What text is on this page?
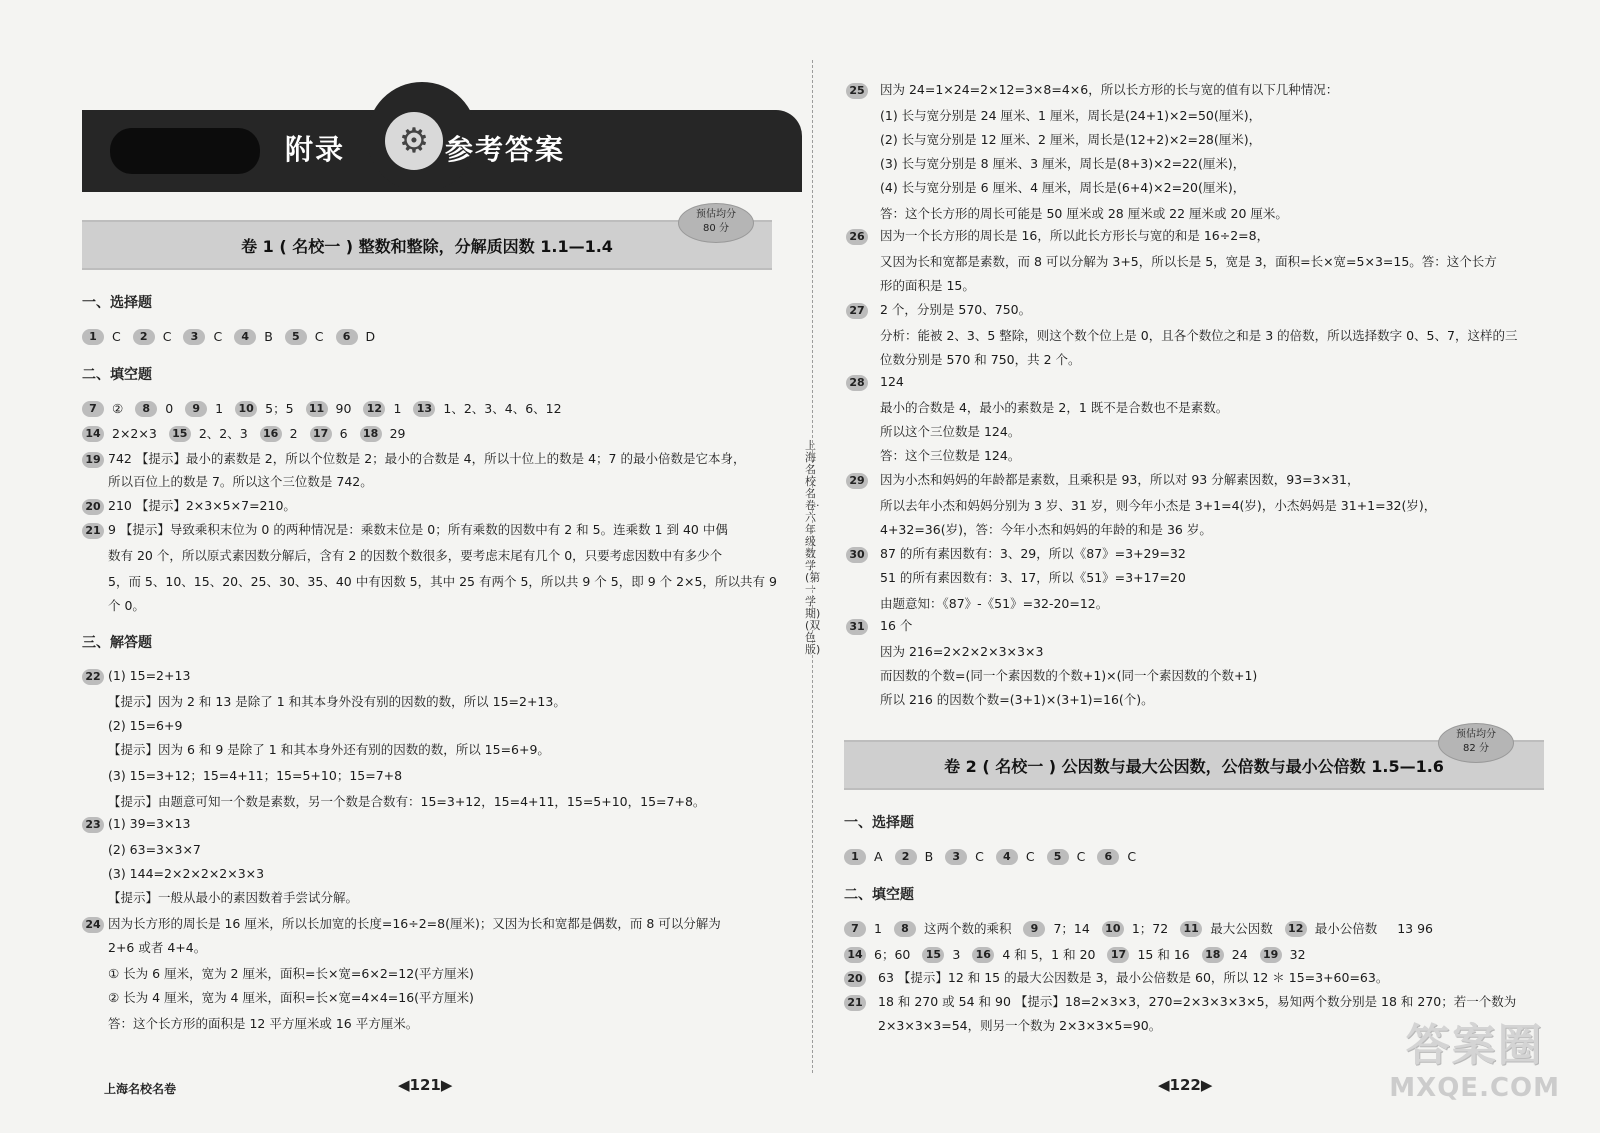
⚙
附录	参考答案
卷 1 ( 名校一 ) 整数和整除，分解质因数 1.1—1.4
预估均分
80 分
一、选择题
1 C 2 C 3 C 4 B 5 C 6 D
二、填空题
7 ② 8 0 9 1 10 5；5 11 90 12 1 13 1、2、3、4、6、12
14 2×2×3 15 2、2、3 16 2 17 6 18 29
19 742 【提示】最小的素数是 2，所以个位数是 2；最小的合数是 4，所以十位上的数是 4；7 的最小倍数是它本身，
所以百位上的数是 7。所以这个三位数是 742。
20 210 【提示】2×3×5×7=210。
21 9 【提示】导致乘积末位为 0 的两种情况是：乘数末位是 0；所有乘数的因数中有 2 和 5。连乘数 1 到 40 中偶
数有 20 个，所以原式素因数分解后，含有 2 的因数个数很多，要考虑末尾有几个 0，只要考虑因数中有多少个
5，而 5、10、15、20、25、30、35、40 中有因数 5，其中 25 有两个 5，所以共 9 个 5，即 9 个 2×5，所以共有 9
个 0。
三、解答题
22 (1) 15=2+13
【提示】因为 2 和 13 是除了 1 和其本身外没有别的因数的数，所以 15=2+13。
(2) 15=6+9
【提示】因为 6 和 9 是除了 1 和其本身外还有别的因数的数，所以 15=6+9。
(3) 15=3+12；15=4+11；15=5+10；15=7+8
【提示】由题意可知一个数是素数，另一个数是合数有：15=3+12，15=4+11，15=5+10，15=7+8。
23 (1) 39=3×13
(2) 63=3×3×7
(3) 144=2×2×2×2×3×3
【提示】一般从最小的素因数着手尝试分解。
24 因为长方形的周长是 16 厘米，所以长加宽的长度=16÷2=8(厘米)；又因为长和宽都是偶数，而 8 可以分解为
2+6 或者 4+4。
① 长为 6 厘米，宽为 2 厘米，面积=长×宽=6×2=12(平方厘米)
② 长为 4 厘米，宽为 4 厘米，面积=长×宽=4×4=16(平方厘米)
答：这个长方形的面积是 12 平方厘米或 16 平方厘米。
上海名校名卷	◀121▶
上海名校名卷·六年级数学(第一学期)(双色版)
25 因为 24=1×24=2×12=3×8=4×6，所以长方形的长与宽的值有以下几种情况：
(1) 长与宽分别是 24 厘米、1 厘米，周长是(24+1)×2=50(厘米)，
(2) 长与宽分别是 12 厘米、2 厘米，周长是(12+2)×2=28(厘米)，
(3) 长与宽分别是 8 厘米、3 厘米，周长是(8+3)×2=22(厘米)，
(4) 长与宽分别是 6 厘米、4 厘米，周长是(6+4)×2=20(厘米)，
答：这个长方形的周长可能是 50 厘米或 28 厘米或 22 厘米或 20 厘米。
26 因为一个长方形的周长是 16，所以此长方形长与宽的和是 16÷2=8，
又因为长和宽都是素数，而 8 可以分解为 3+5，所以长是 5，宽是 3，面积=长×宽=5×3=15。答：这个长方
形的面积是 15。
27 2 个，分别是 570、750。
分析：能被 2、3、5 整除，则这个数个位上是 0，且各个数位之和是 3 的倍数，所以选择数字 0、5、7，这样的三
位数分别是 570 和 750，共 2 个。
28 124
最小的合数是 4，最小的素数是 2，1 既不是合数也不是素数。
所以这个三位数是 124。
答：这个三位数是 124。
29 因为小杰和妈妈的年龄都是素数，且乘积是 93，所以对 93 分解素因数，93=3×31，
所以去年小杰和妈妈分别为 3 岁、31 岁，则今年小杰是 3+1=4(岁)，小杰妈妈是 31+1=32(岁)，
4+32=36(岁)，答：今年小杰和妈妈的年龄的和是 36 岁。
30 87 的所有素因数有：3、29，所以《87》=3+29=32
51 的所有素因数有：3、17，所以《51》=3+17=20
由题意知：《87》-《51》=32-20=12。
31 16 个
因为 216=2×2×2×3×3×3
而因数的个数=(同一个素因数的个数+1)×(同一个素因数的个数+1)
所以 216 的因数个数=(3+1)×(3+1)=16(个)。
卷 2 ( 名校一 ) 公因数与最大公因数，公倍数与最小公倍数 1.5—1.6
预估均分
82 分
一、选择题
1 A 2 B 3 C 4 C 5 C 6 C
二、填空题
7 1 8 这两个数的乘积 9 7；14 10 1；72 11 最大公因数 12 最小公倍数 13 96
14 6；60 15 3 16 4 和 5，1 和 20 17 15 和 16 18 24 19 32
20 63 【提示】12 和 15 的最大公因数是 3，最小公倍数是 60，所以 12 ＊ 15=3+60=63。
21 18 和 270 或 54 和 90 【提示】18=2×3×3，270=2×3×3×3×5，易知两个数分别是 18 和 270；若一个数为
2×3×3×3=54，则另一个数为 2×3×3×5=90。
◀122▶
答案圈
MXQE.COM
